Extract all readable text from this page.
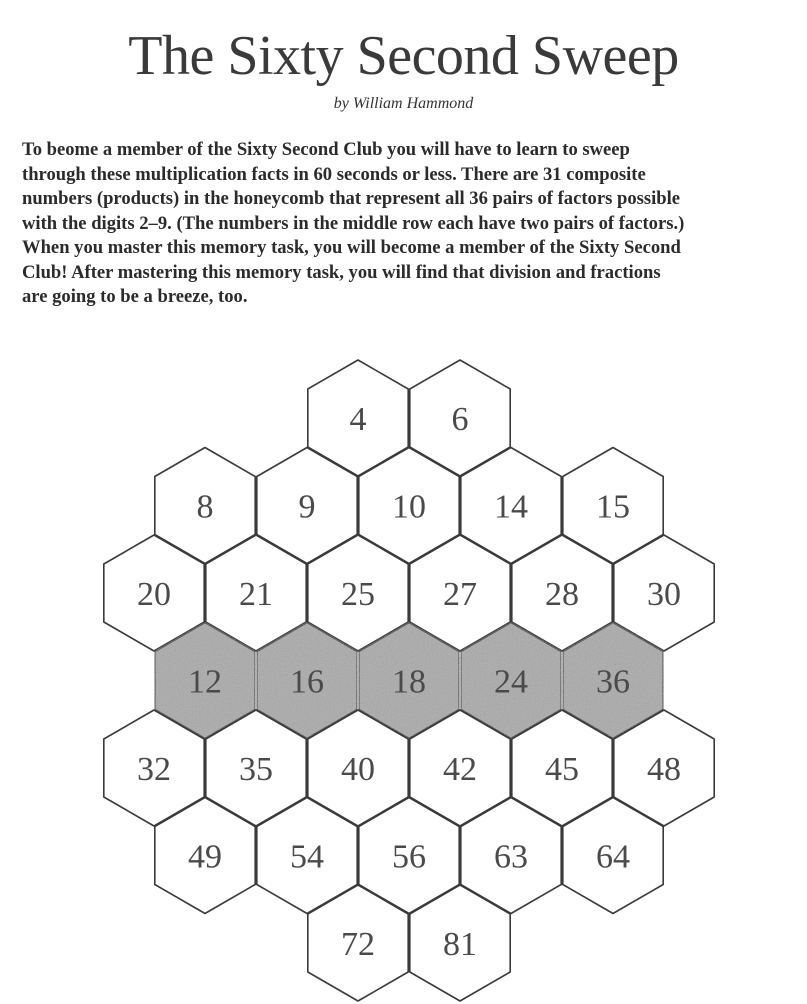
The Sixty Second Sweep
by William Hammond
To beome a member of the Sixty Second Club you will have to learn to sweep
through these multiplication facts in 60 seconds or less. There are 31 composite
numbers (products) in the honeycomb that represent all 36 pairs of factors possible
with the digits 2–9. (The numbers in the middle row each have two pairs of factors.)
When you master this memory task, you will become a member of the Sixty Second
Club! After mastering this memory task, you will find that division and fractions
are going to be a breeze, too.
4	6
8	9 10 14 15
20 21 25 27 28 30
12 16 18 24 36
32 35 40 42 45 48
49 54 56 63 64
72 81
